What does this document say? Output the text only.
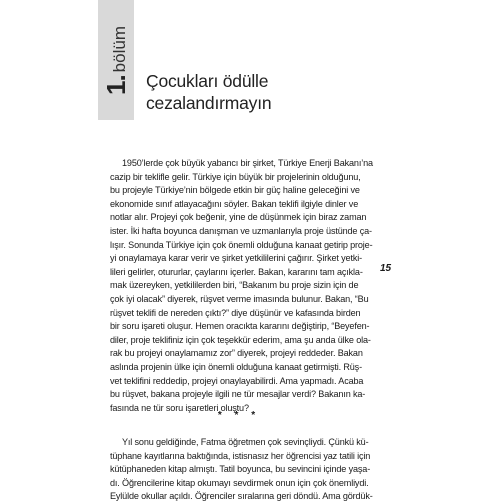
1.bölüm
Çocukları ödülle
cezalandırmayın
15
1950’lerde çok büyük yabancı bir şirket, Türkiye Enerji Bakanı’na
cazip bir teklifle gelir. Türkiye için büyük bir projelerinin olduğunu,
bu projeyle Türkiye’nin bölgede etkin bir güç haline geleceğini ve
ekonomide sınıf atlayacağını söyler. Bakan teklifi ilgiyle dinler ve
notlar alır. Projeyi çok beğenir, yine de düşünmek için biraz zaman
ister. İki hafta boyunca danışman ve uzmanlarıyla proje üstünde ça-
lışır. Sonunda Türkiye için çok önemli olduğuna kanaat getirip proje-
yi onaylamaya karar verir ve şirket yetkililerini çağırır. Şirket yetki-
lileri gelirler, otururlar, çaylarını içerler. Bakan, kararını tam açıkla-
mak üzereyken, yetkililerden biri, “Bakanım bu proje sizin için de
çok iyi olacak” diyerek, rüşvet verme imasında bulunur. Bakan, “Bu
rüşvet teklifi de nereden çıktı?” diye düşünür ve kafasında birden
bir soru işareti oluşur. Hemen oracıkta kararını değiştirip, “Beyefen-
diler, proje teklifiniz için çok teşekkür ederim, ama şu anda ülke ola-
rak bu projeyi onaylamamız zor” diyerek, projeyi reddeder. Bakan
aslında projenin ülke için önemli olduğuna kanaat getirmişti. Rüş-
vet teklifini reddedip, projeyi onaylayabilirdi. Ama yapmadı. Acaba
bu rüşvet, bakana projeyle ilgili ne tür mesajlar verdi? Bakanın ka-
fasında ne tür soru işaretleri oluştu?
* * *
Yıl sonu geldiğinde, Fatma öğretmen çok sevinçliydi. Çünkü kü-
tüphane kayıtlarına baktığında, istisnasız her öğrencisi yaz tatili için
kütüphaneden kitap almıştı. Tatil boyunca, bu sevincini içinde yaşa-
dı. Öğrencilerine kitap okumayı sevdirmek onun için çok önemliydi.
Eylülde okullar açıldı. Öğrenciler sıralarına geri döndü. Ama gördük-
